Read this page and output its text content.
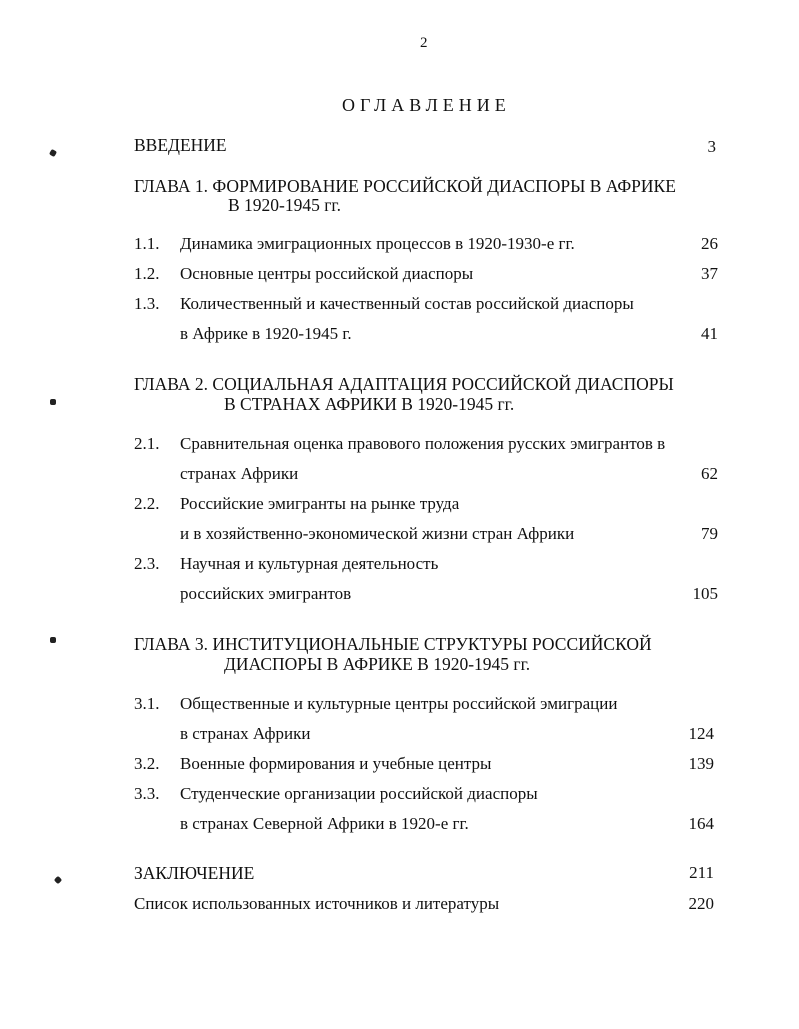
2
ОГЛАВЛЕНИЕ
ВВЕДЕНИЕ	3
ГЛАВА 1. ФОРМИРОВАНИЕ РОССИЙСКОЙ ДИАСПОРЫ В АФРИКЕ
В 1920-1945 гг.
1.1. Динамика эмиграционных процессов в 1920-1930-е гг.	26
1.2. Основные центры российской диаспоры	37
1.3. Количественный и качественный состав российской диаспоры
в Африке в 1920-1945 г.	41
ГЛАВА 2. СОЦИАЛЬНАЯ АДАПТАЦИЯ РОССИЙСКОЙ ДИАСПОРЫ
В СТРАНАХ АФРИКИ В 1920-1945 гг.
2.1. Сравнительная оценка правового положения русских эмигрантов в
странах Африки	62
2.2. Российские эмигранты на рынке труда
и в хозяйственно-экономической жизни стран Африки	79
2.3. Научная и культурная деятельность
российских эмигрантов	105
ГЛАВА 3. ИНСТИТУЦИОНАЛЬНЫЕ СТРУКТУРЫ РОССИЙСКОЙ
ДИАСПОРЫ В АФРИКЕ В 1920-1945 гг.
3.1. Общественные и культурные центры российской эмиграции
в странах Африки	124
3.2. Военные формирования и учебные центры	139
3.3. Студенческие организации российской диаспоры
в странах Северной Африки в 1920-е гг.	164
ЗАКЛЮЧЕНИЕ	211
Список использованных источников и литературы	220
